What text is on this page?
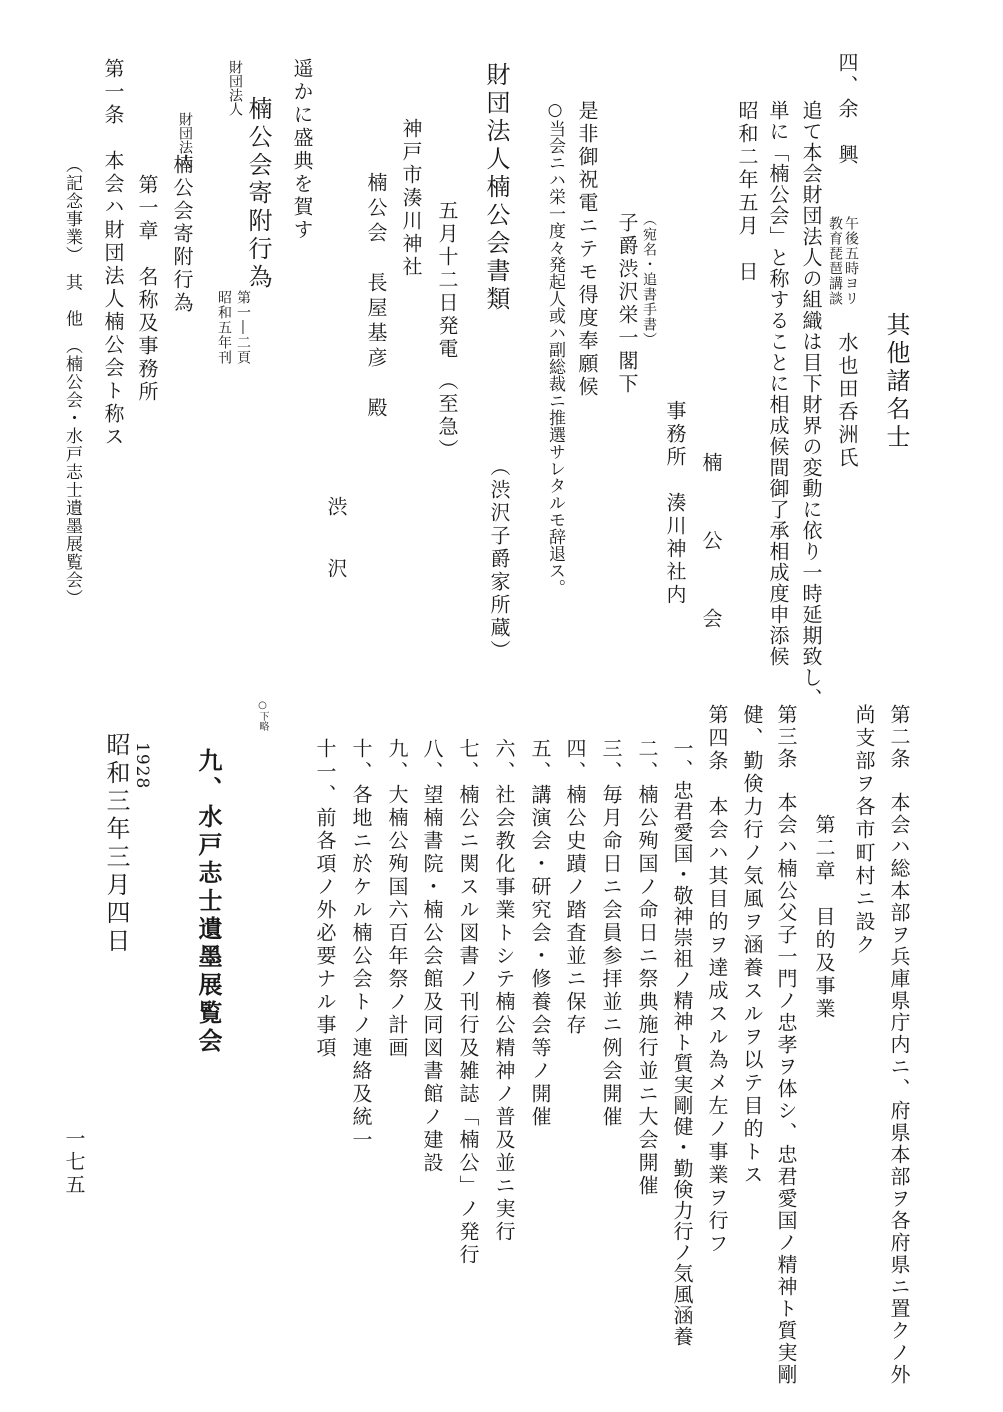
其他諸名士
四、余　興
午後五時ヨリ
教育琵琶講談
水也田呑洲氏
追て本会財団法人の組織は目下財界の変動に依り一時延期致し、
単に「楠公会」と称することに相成候間御了承相成度申添候
昭和二年五月　日
楠　　公　　会
事務所　湊川神社内
（宛名・追書手書）
子爵渋沢栄一閣下
是非御祝電ニテモ得度奉願候
○当会ニハ栄一度々発起人或ハ副総裁ニ推選サレタルモ辞退ス。
財団法人楠公会書類
（渋沢子爵家所蔵）
五月十二日発電
（至急）
神戸市湊川神社
楠公会　長屋基彦　殿
渋
沢
遥かに盛典を賀す
財団法人
楠公会寄附行為
第一―二頁
昭和五年刊
財団法人
楠公会寄附行為
第一章　名称及事務所
第一条　本会ハ財団法人楠公会ト称ス
（記念事業）　其　他　（楠公会・水戸志士遺墨展覧会）
第二条　本会ハ総本部ヲ兵庫県庁内ニ、府県本部ヲ各府県ニ置クノ外
尚支部ヲ各市町村ニ設ク
第二章　目的及事業
第三条　本会ハ楠公父子一門ノ忠孝ヲ体シ、忠君愛国ノ精神ト質実剛
健、勤倹力行ノ気風ヲ涵養スルヲ以テ目的トス
第四条　本会ハ其目的ヲ達成スル為メ左ノ事業ヲ行フ
一、忠君愛国・敬神崇祖ノ精神ト質実剛健・勤倹力行ノ気風涵養
二、楠公殉国ノ命日ニ祭典施行並ニ大会開催
三、毎月命日ニ会員参拝並ニ例会開催
四、楠公史蹟ノ踏査並ニ保存
五、講演会・研究会・修養会等ノ開催
六、社会教化事業トシテ楠公精神ノ普及並ニ実行
七、楠公ニ関スル図書ノ刊行及雑誌「楠公」ノ発行
八、望楠書院・楠公会館及同図書館ノ建設
九、大楠公殉国六百年祭ノ計画
十、各地ニ於ケル楠公会トノ連絡及統一
十一、前各項ノ外必要ナル事項
○下略
九、水戸志士遺墨展覧会
1928
昭和三年三月四日
一七五
